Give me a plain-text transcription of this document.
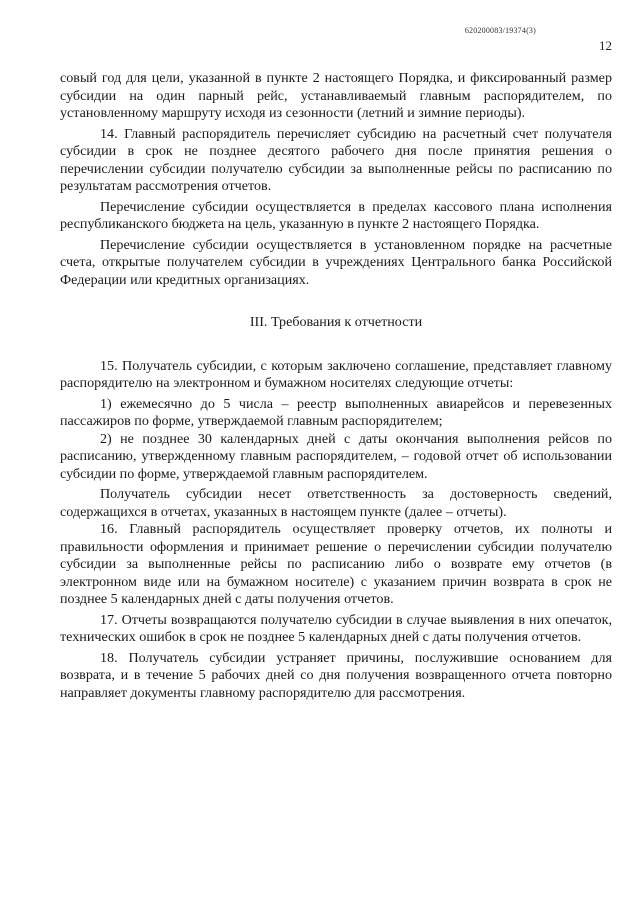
620200083/19374(3)
12

совый год для цели, указанной в пункте 2 настоящего Порядка, и фиксированный размер субсидии на один парный рейс, устанавливаемый главным распорядителем, по установленному маршруту исходя из сезонности (летний и зимние периоды).

14. Главный распорядитель перечисляет субсидию на расчетный счет получателя субсидии в срок не позднее десятого рабочего дня после принятия решения о перечислении субсидии получателю субсидии за выполненные рейсы по расписанию по результатам рассмотрения отчетов.

Перечисление субсидии осуществляется в пределах кассового плана исполнения республиканского бюджета на цель, указанную в пункте 2 настоящего Порядка.

Перечисление субсидии осуществляется в установленном порядке на расчетные счета, открытые получателем субсидии в учреждениях Центрального банка Российской Федерации или кредитных организациях.

III. Требования к отчетности

15. Получатель субсидии, с которым заключено соглашение, представляет главному распорядителю на электронном и бумажном носителях следующие отчеты:

1) ежемесячно до 5 числа – реестр выполненных авиарейсов и перевезенных пассажиров по форме, утверждаемой главным распорядителем;

2) не позднее 30 календарных дней с даты окончания выполнения рейсов по расписанию, утвержденному главным распорядителем, – годовой отчет об использовании субсидии по форме, утверждаемой главным распорядителем.

Получатель субсидии несет ответственность за достоверность сведений, содержащихся в отчетах, указанных в настоящем пункте (далее – отчеты).

16. Главный распорядитель осуществляет проверку отчетов, их полноты и правильности оформления и принимает решение о перечислении субсидии получателю субсидии за выполненные рейсы по расписанию либо о возврате ему отчетов (в электронном виде или на бумажном носителе) с указанием причин возврата в срок не позднее 5 календарных дней с даты получения отчетов.

17. Отчеты возвращаются получателю субсидии в случае выявления в них опечаток, технических ошибок в срок не позднее 5 календарных дней с даты получения отчетов.

18. Получатель субсидии устраняет причины, послужившие основанием для возврата, и в течение 5 рабочих дней со дня получения возвращенного отчета повторно направляет документы главному распорядителю для рассмотрения.
